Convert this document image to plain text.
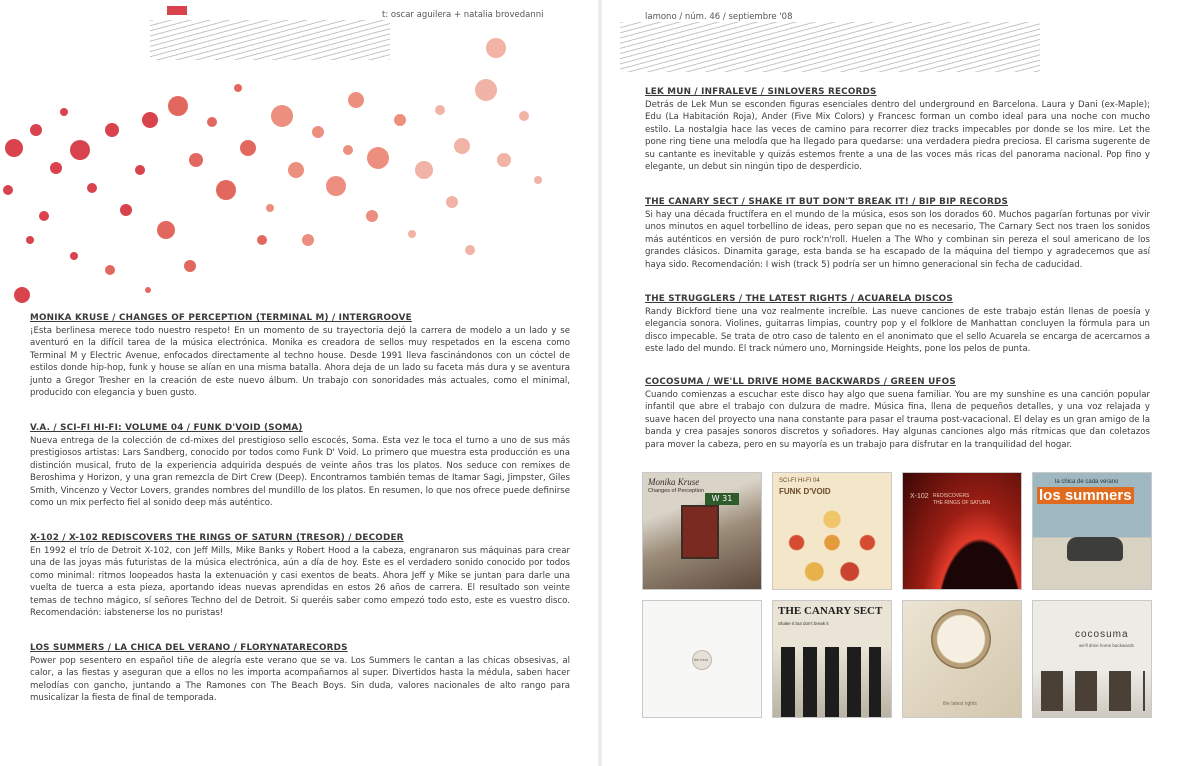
t: oscar aguilera + natalia brovedanni
MONIKA KRUSE / CHANGES OF PERCEPTION (TERMINAL M) / INTERGROOVE

¡Esta berlinesa merece todo nuestro respeto! En un momento de su trayectoria dejó la carrera de modelo a un lado y se aventuró en la difícil tarea de la música electrónica. Monika es creadora de sellos muy respetados en la escena como Terminal M y Electric Avenue, enfocados directamente al techno house. Desde 1991 lleva fascinándonos con un cóctel de estilos donde hip-hop, funk y house se alían en una misma batalla. Ahora deja de un lado su faceta más dura y se aventura junto a Gregor Tresher en la creación de este nuevo álbum. Un trabajo con sonoridades más actuales, como el minimal, producido con elegancia y buen gusto.

V.A. / SCI-FI HI-FI: VOLUME 04 / FUNK D'VOID (SOMA)

Nueva entrega de la colección de cd-mixes del prestigioso sello escocés, Soma. Esta vez le toca el turno a uno de sus más prestigiosos artistas: Lars Sandberg, conocido por todos como Funk D' Void. Lo primero que muestra esta producción es una distinción musical, fruto de la experiencia adquirida después de veinte años tras los platos. Nos seduce con remixes de Beroshima y Horizon, y una gran remezcla de Dirt Crew (Deep). Encontramos también temas de Itamar Sagi, Jimpster, Giles Smith, Vincenzo y Vector Lovers, grandes nombres del mundillo de los platos. En resumen, lo que nos ofrece puede definirse como un mix perfecto fiel al sonido deep más auténtico.

X-102 / X-102 REDISCOVERS THE RINGS OF SATURN (TRESOR) / DECODER

En 1992 el trío de Detroit X-102, con Jeff Mills, Mike Banks y Robert Hood a la cabeza, engranaron sus máquinas para crear una de las joyas más futuristas de la música electrónica, aún a día de hoy. Este es el verdadero sonido conocido por todos como minimal: ritmos loopeados hasta la extenuación y casi exentos de beats. Ahora Jeff y Mike se juntan para darle una vuelta de tuerca a esta pieza, aportando ideas nuevas aprendidas en estos 26 años de carrera. El resultado son veinte temas de techno mágico, sí señores Techno del de Detroit. Si queréis saber como empezó todo esto, este es vuestro disco. Recomendación: iabstenerse los no puristas!

LOS SUMMERS / LA CHICA DEL VERANO / FLORYNATARECORDS

Power pop sesentero en español tiñe de alegría este verano que se va. Los Summers le cantan a las chicas obsesivas, al calor, a las fiestas y aseguran que a ellos no les importa acompañarnos al super. Divertidos hasta la médula, saben hacer melodías con gancho, juntando a The Ramones con The Beach Boys. Sin duda, valores nacionales de alto rango para musicalizar la fiesta de final de temporada.

lamono / núm. 46 / septiembre '08
LEK MUN / INFRALEVE / SINLOVERS RECORDS

Detrás de Lek Mun se esconden figuras esenciales dentro del underground en Barcelona. Laura y Dani (ex-Maple); Edu (La Habitación Roja), Ander (Five Mix Colors) y Francesc forman un combo ideal para una noche con mucho estilo. La nostalgia hace las veces de camino para recorrer diez tracks impecables por donde se los mire. Let the pone ring tiene una melodía que ha llegado para quedarse: una verdadera piedra preciosa. El carisma sugerente de su cantante es inevitable y quizás estemos frente a una de las voces más ricas del panorama nacional. Pop fino y elegante, un debut sin ningún tipo de desperdicio.

THE CANARY SECT / SHAKE IT BUT DON'T BREAK IT! / BIP BIP RECORDS

Si hay una década fructífera en el mundo de la música, esos son los dorados 60. Muchos pagarían fortunas por vivir unos minutos en aquel torbellino de ideas, pero sepan que no es necesario, The Carnary Sect nos traen los sonidos más auténticos en versión de puro rock'n'roll. Huelen a The Who y combinan sin pereza el soul americano de los grandes clásicos. Dinamita garage, esta banda se ha escapado de la máquina del tiempo y agradecemos que así haya sido. Recomendación: I wish (track 5) podría ser un himno generacional sin fecha de caducidad.

THE STRUGGLERS / THE LATEST RIGHTS / ACUARELA DISCOS

Randy Bickford tiene una voz realmente increíble. Las nueve canciones de este trabajo están llenas de poesía y elegancia sonora. Violines, guitarras limpias, country pop y el folklore de Manhattan concluyen la fórmula para un disco impecable. Se trata de otro caso de talento en el anonimato que el sello Acuarela se encarga de acercarnos a este lado del mundo. El track número uno, Morningside Heights, pone los pelos de punta.

COCOSUMA / WE'LL DRIVE HOME BACKWARDS / GREEN UFOS

Cuando comienzas a escuchar este disco hay algo que suena familiar. You are my sunshine es una canción popular infantil que abre el trabajo con dulzura de madre. Música fina, llena de pequeños detalles, y una voz relajada y suave hacen del proyecto una nana constante para pasar el trauma post-vacacional. El delay es un gran amigo de la banda y crea pasajes sonoros discretos y soñadores. Hay algunas canciones algo más rítmicas que dan coletazos para mover la cabeza, pero en su mayoría es un trabajo para disfrutar en la tranquilidad del hogar.

W 31
Monika Kruse
Changes of Perception
SCI-FI HI-FI 04
FUNK D'VOID
X-102 REDISCOVERS
THE RINGS OF SATURN
la chica de cada verano
los summers
lek mun
THE CANARY SECT
Shake it but don't break it
the latest rights
cocosuma
we'll drive home backwards
